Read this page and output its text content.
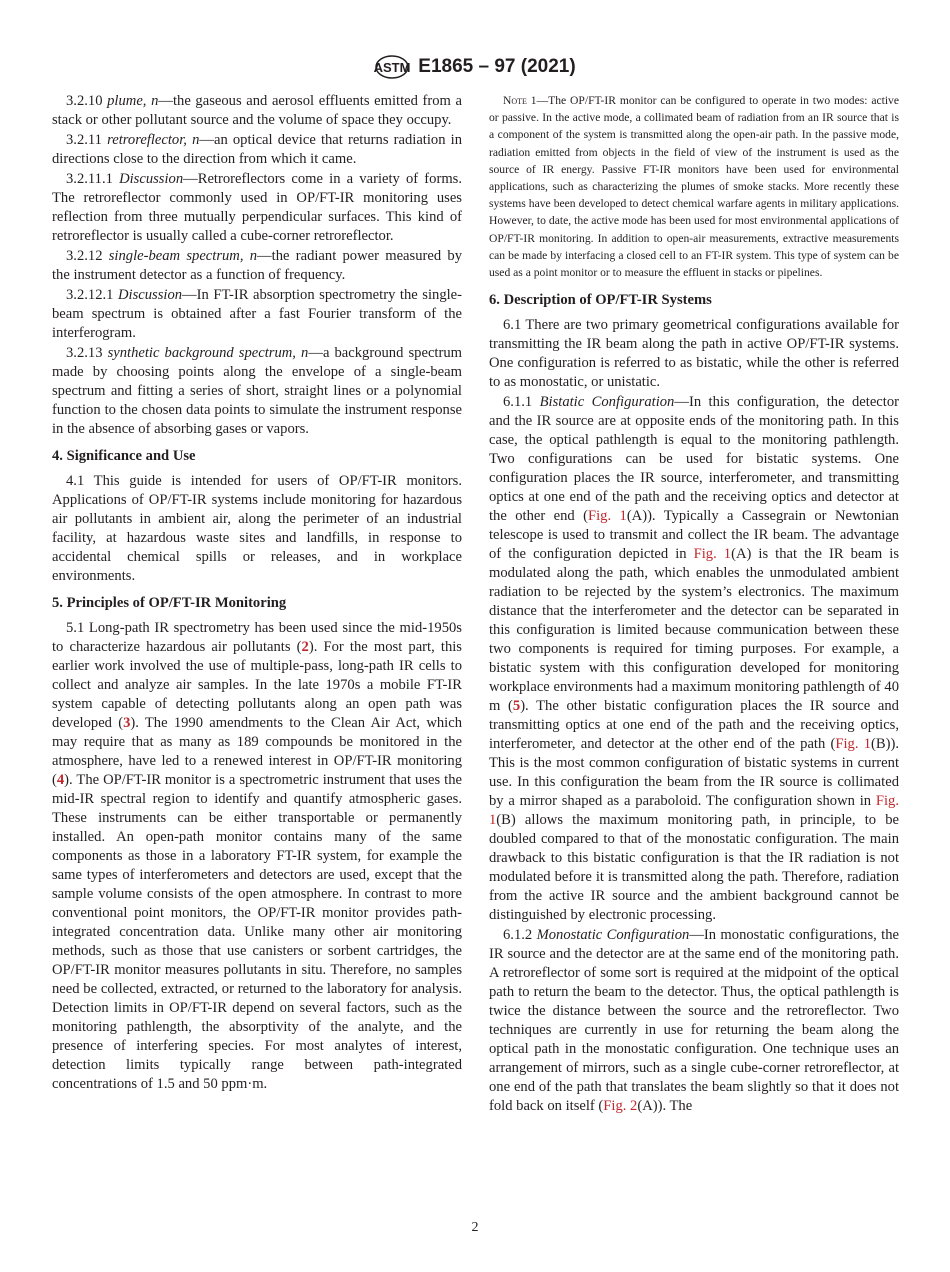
ASTM E1865 – 97 (2021)

3.2.10 plume, n—the gaseous and aerosol effluents emitted from a stack or other pollutant source and the volume of space they occupy.

3.2.11 retroreflector, n—an optical device that returns radiation in directions close to the direction from which it came.

3.2.11.1 Discussion—Retroreflectors come in a variety of forms. The retroreflector commonly used in OP/FT-IR monitoring uses reflection from three mutually perpendicular surfaces. This kind of retroreflector is usually called a cube-corner retroreflector.

3.2.12 single-beam spectrum, n—the radiant power measured by the instrument detector as a function of frequency.

3.2.12.1 Discussion—In FT-IR absorption spectrometry the single-beam spectrum is obtained after a fast Fourier transform of the interferogram.

3.2.13 synthetic background spectrum, n—a background spectrum made by choosing points along the envelope of a single-beam spectrum and fitting a series of short, straight lines or a polynomial function to the chosen data points to simulate the instrument response in the absence of absorbing gases or vapors.

4. Significance and Use

4.1 This guide is intended for users of OP/FT-IR monitors. Applications of OP/FT-IR systems include monitoring for hazardous air pollutants in ambient air, along the perimeter of an industrial facility, at hazardous waste sites and landfills, in response to accidental chemical spills or releases, and in workplace environments.

5. Principles of OP/FT-IR Monitoring

5.1 Long-path IR spectrometry has been used since the mid-1950s to characterize hazardous air pollutants (2). For the most part, this earlier work involved the use of multiple-pass, long-path IR cells to collect and analyze air samples. In the late 1970s a mobile FT-IR system capable of detecting pollutants along an open path was developed (3). The 1990 amendments to the Clean Air Act, which may require that as many as 189 compounds be monitored in the atmosphere, have led to a renewed interest in OP/FT-IR monitoring (4). The OP/FT-IR monitor is a spectrometric instrument that uses the mid-IR spectral region to identify and quantify atmospheric gases. These instruments can be either transportable or permanently installed. An open-path monitor contains many of the same components as those in a laboratory FT-IR system, for example the same types of interferometers and detectors are used, except that the sample volume consists of the open atmosphere. In contrast to more conventional point monitors, the OP/FT-IR monitor provides path-integrated concentration data. Unlike many other air monitoring methods, such as those that use canisters or sorbent cartridges, the OP/FT-IR monitor measures pollutants in situ. Therefore, no samples need be collected, extracted, or returned to the laboratory for analysis. Detection limits in OP/FT-IR depend on several factors, such as the monitoring pathlength, the absorptivity of the analyte, and the presence of interfering species. For most analytes of interest, detection limits typically range between path-integrated concentrations of 1.5 and 50 ppm·m.

Note 1—The OP/FT-IR monitor can be configured to operate in two modes: active or passive. In the active mode, a collimated beam of radiation from an IR source that is a component of the system is transmitted along the open-air path. In the passive mode, radiation emitted from objects in the field of view of the instrument is used as the source of IR energy. Passive FT-IR monitors have been used for environmental applications, such as characterizing the plumes of smoke stacks. More recently these systems have been developed to detect chemical warfare agents in military applications. However, to date, the active mode has been used for most environmental applications of OP/FT-IR monitoring. In addition to open-air measurements, extractive measurements can be made by interfacing a closed cell to an FT-IR system. This type of system can be used as a point monitor or to measure the effluent in stacks or pipelines.

6. Description of OP/FT-IR Systems

6.1 There are two primary geometrical configurations available for transmitting the IR beam along the path in active OP/FT-IR systems. One configuration is referred to as bistatic, while the other is referred to as monostatic, or unistatic.

6.1.1 Bistatic Configuration—In this configuration, the detector and the IR source are at opposite ends of the monitoring path. In this case, the optical pathlength is equal to the monitoring pathlength. Two configurations can be used for bistatic systems. One configuration places the IR source, interferometer, and transmitting optics at one end of the path and the receiving optics and detector at the other end (Fig. 1(A)). Typically a Cassegrain or Newtonian telescope is used to transmit and collect the IR beam. The advantage of the configuration depicted in Fig. 1(A) is that the IR beam is modulated along the path, which enables the unmodulated ambient radiation to be rejected by the system’s electronics. The maximum distance that the interferometer and the detector can be separated in this configuration is limited because communication between these two components is required for timing purposes. For example, a bistatic system with this configuration developed for monitoring workplace environments had a maximum monitoring pathlength of 40 m (5). The other bistatic configuration places the IR source and transmitting optics at one end of the path and the receiving optics, interferometer, and detector at the other end of the path (Fig. 1(B)). This is the most common configuration of bistatic systems in current use. In this configuration the beam from the IR source is collimated by a mirror shaped as a paraboloid. The configuration shown in Fig. 1(B) allows the maximum monitoring path, in principle, to be doubled compared to that of the monostatic configuration. The main drawback to this bistatic configuration is that the IR radiation is not modulated before it is transmitted along the path. Therefore, radiation from the active IR source and the ambient background cannot be distinguished by electronic processing.

6.1.2 Monostatic Configuration—In monostatic configurations, the IR source and the detector are at the same end of the monitoring path. A retroreflector of some sort is required at the midpoint of the optical path to return the beam to the detector. Thus, the optical pathlength is twice the distance between the source and the retroreflector. Two techniques are currently in use for returning the beam along the optical path in the monostatic configuration. One technique uses an arrangement of mirrors, such as a single cube-corner retroreflector, at one end of the path that translates the beam slightly so that it does not fold back on itself (Fig. 2(A)). The

2
